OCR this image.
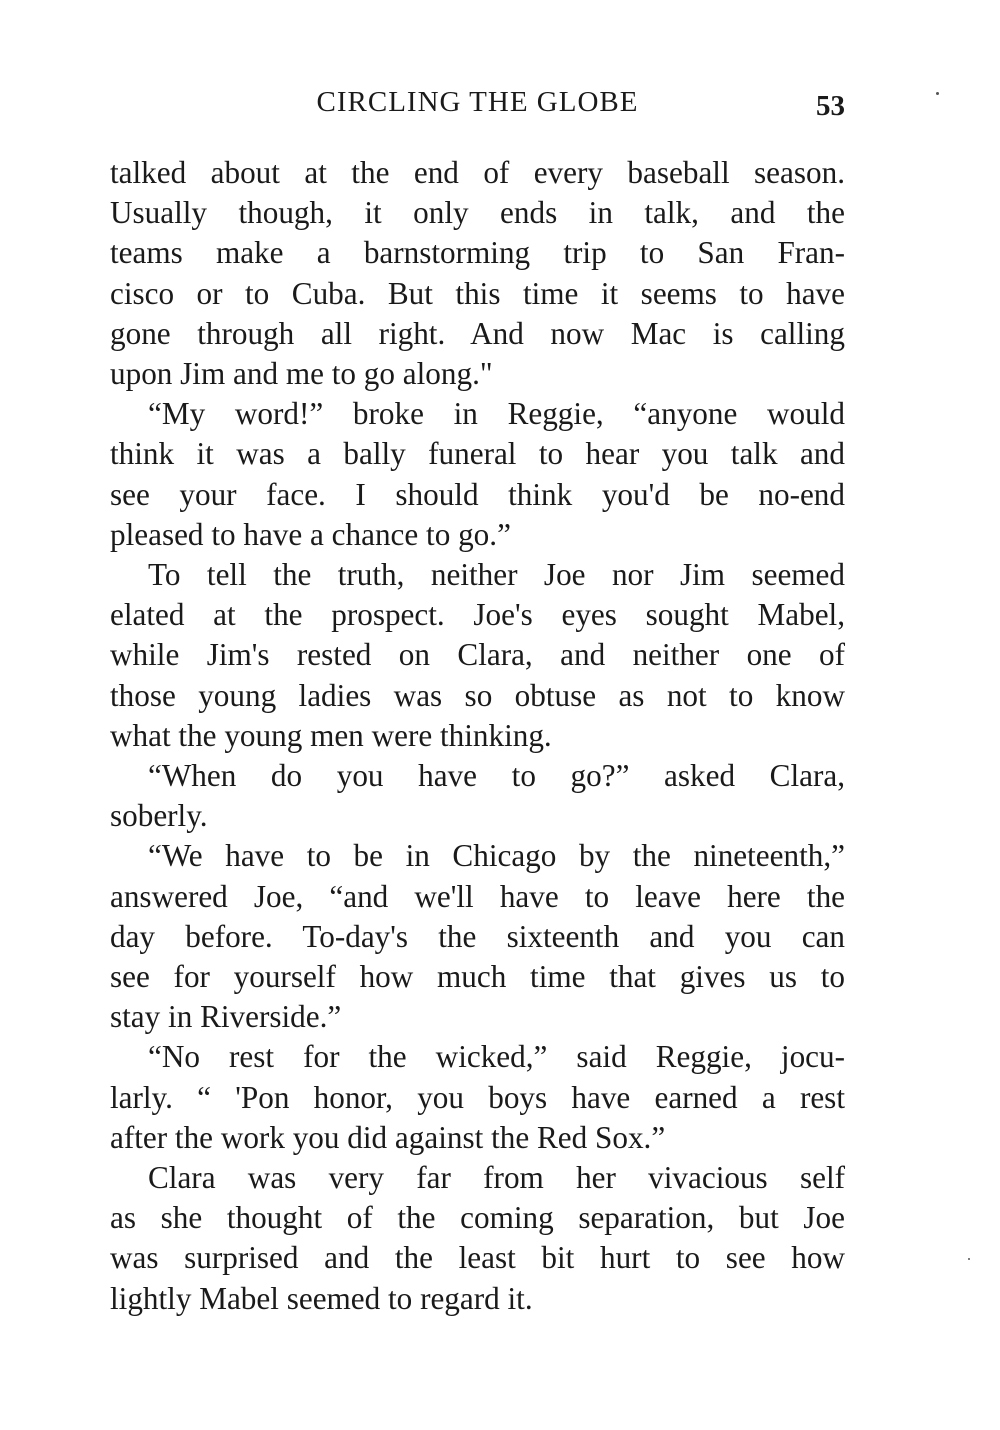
CIRCLING THE GLOBE	53
talked about at the end of every baseball season.
Usually though, it only ends in talk, and the
teams make a barnstorming trip to San Fran-
cisco or to Cuba. But this time it seems to have
gone through all right. And now Mac is calling
upon Jim and me to go along."
“My word!” broke in Reggie, “anyone would
think it was a bally funeral to hear you talk and
see your face. I should think you'd be no-end
pleased to have a chance to go.”
To tell the truth, neither Joe nor Jim seemed
elated at the prospect. Joe's eyes sought Mabel,
while Jim's rested on Clara, and neither one of
those young ladies was so obtuse as not to know
what the young men were thinking.
“When do you have to go?” asked Clara,
soberly.
“We have to be in Chicago by the nineteenth,”
answered Joe, “and we'll have to leave here the
day before. To-day's the sixteenth and you can
see for yourself how much time that gives us to
stay in Riverside.”
“No rest for the wicked,” said Reggie, jocu-
larly. “ 'Pon honor, you boys have earned a rest
after the work you did against the Red Sox.”
Clara was very far from her vivacious self
as she thought of the coming separation, but Joe
was surprised and the least bit hurt to see how
lightly Mabel seemed to regard it.
